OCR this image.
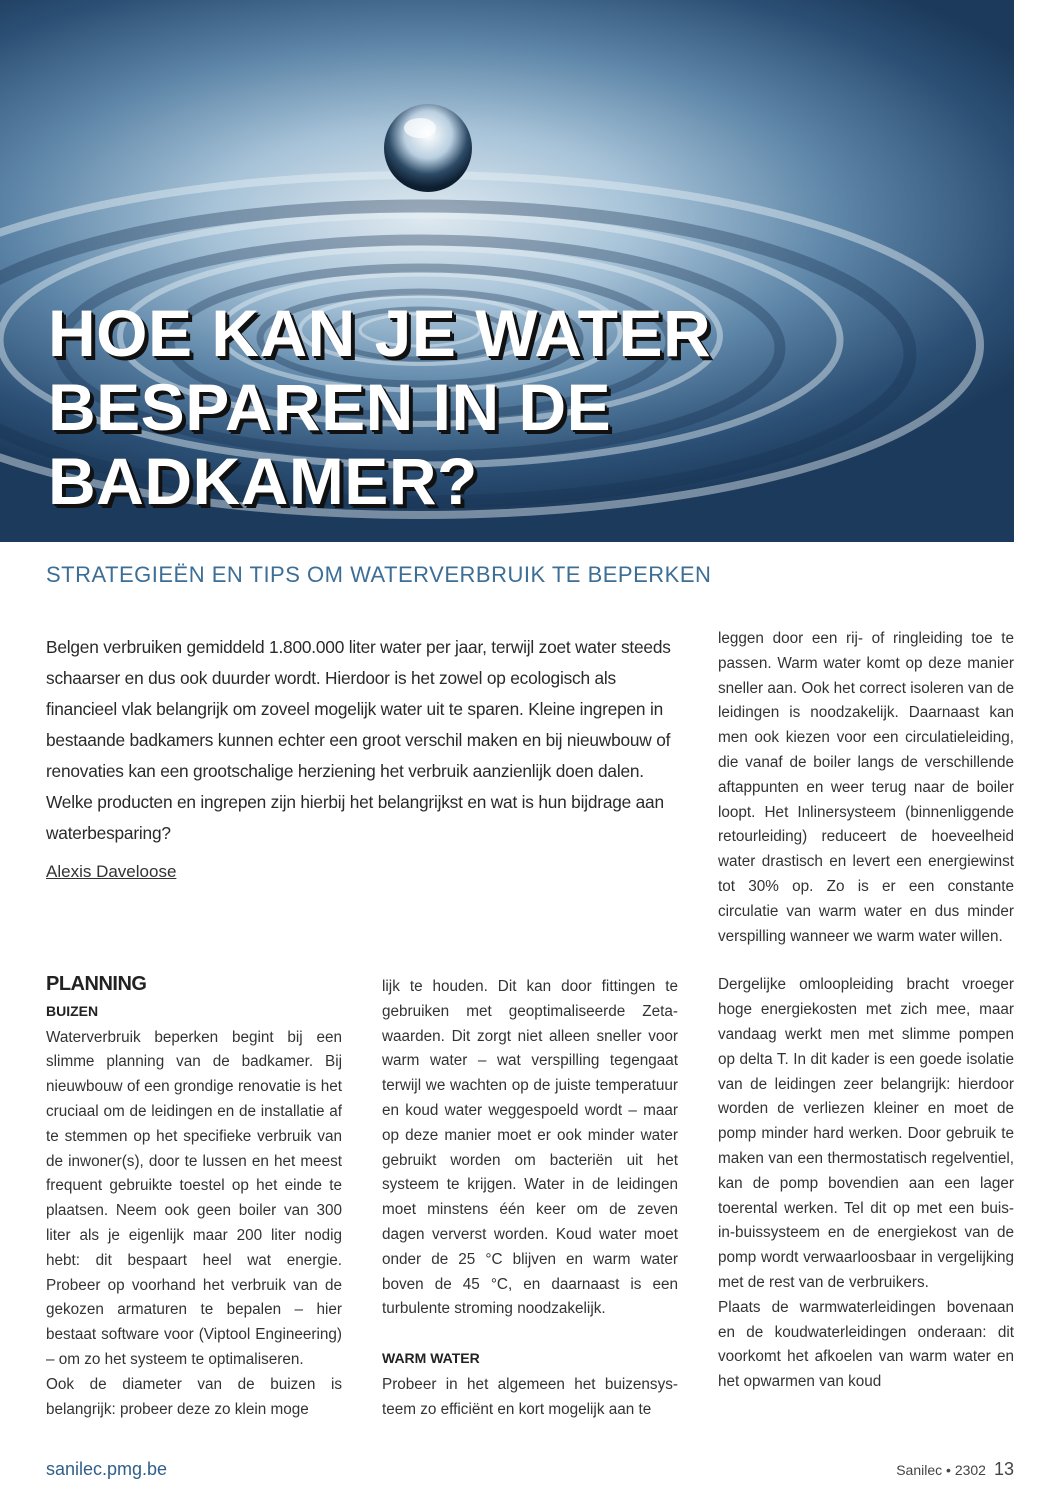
HOE KAN JE WATER
BESPAREN IN DE
BADKAMER?
STRATEGIEËN EN TIPS OM WATERVERBRUIK TE BEPERKEN

Belgen verbruiken gemiddeld 1.800.000 liter water per jaar, terwijl zoet water steeds schaarser en dus ook duurder wordt. Hierdoor is het zowel op ecologisch als financieel vlak belangrijk om zoveel mogelijk water uit te sparen. Kleine ingrepen in bestaande badkamers kunnen echter een groot verschil maken en bij nieuwbouw of renovaties kan een grootschalige herziening het verbruik aanzienlijk doen dalen. Welke producten en ingrepen zijn hierbij het belangrijkst en wat is hun bijdrage aan waterbesparing?

Alexis Daveloose

PLANNING
BUIZEN

Waterverbruik beperken begint bij een slimme planning van de badkamer. Bij nieuwbouw of een grondige renovatie is het cruciaal om de leidingen en de installatie af te stemmen op het specifieke verbruik van de inwoner(s), door te lussen en het meest frequent gebruikte toestel op het einde te plaatsen. Neem ook geen boiler van 300 liter als je eigenlijk maar 200 liter nodig hebt: dit bespaart heel wat energie. Probeer op voorhand het verbruik van de gekozen armaturen te bepalen – hier bestaat software voor (Viptool Engineering) – om zo het systeem te optimaliseren.

Ook de diameter van de buizen is belangrijk: probeer deze zo klein moge

lijk te houden. Dit kan door fittingen te gebruiken met geoptimaliseerde Zeta-waarden. Dit zorgt niet alleen sneller voor warm water – wat verspilling tegengaat terwijl we wachten op de juiste temperatuur en koud water weggespoeld wordt – maar op deze manier moet er ook minder water gebruikt worden om bacteriën uit het systeem te krijgen. Water in de leidingen moet minstens één keer om de zeven dagen ververst worden. Koud water moet onder de 25 °C blijven en warm water boven de 45 °C, en daarnaast is een turbulente stroming noodzakelijk.

WARM WATER

Probeer in het algemeen het buizensysteem zo efficiënt en kort mogelijk aan te

leggen door een rij- of ringleiding toe te passen. Warm water komt op deze manier sneller aan. Ook het correct isoleren van de leidingen is noodzakelijk. Daarnaast kan men ook kiezen voor een circulatieleiding, die vanaf de boiler langs de verschillende aftappunten en weer terug naar de boiler loopt. Het Inlinersysteem (binnenliggende retourleiding) reduceert de hoeveelheid water drastisch en levert een energiewinst tot 30% op. Zo is er een constante circulatie van warm water en dus minder verspilling wanneer we warm water willen.

Dergelijke omloopleiding bracht vroeger hoge energiekosten met zich mee, maar vandaag werkt men met slimme pompen op delta T. In dit kader is een goede isolatie van de leidingen zeer belangrijk: hierdoor worden de verliezen kleiner en moet de pomp minder hard werken. Door gebruik te maken van een thermostatisch regelventiel, kan de pomp bovendien aan een lager toerental werken. Tel dit op met een buis-in-buissysteem en de energiekost van de pomp wordt verwaarloosbaar in vergelijking met de rest van de verbruikers.

Plaats de warmwaterleidingen bovenaan en de koudwaterleidingen onderaan: dit voorkomt het afkoelen van warm water en het opwarmen van koud

sanilec.pmg.be	Sanilec • 2302 13
